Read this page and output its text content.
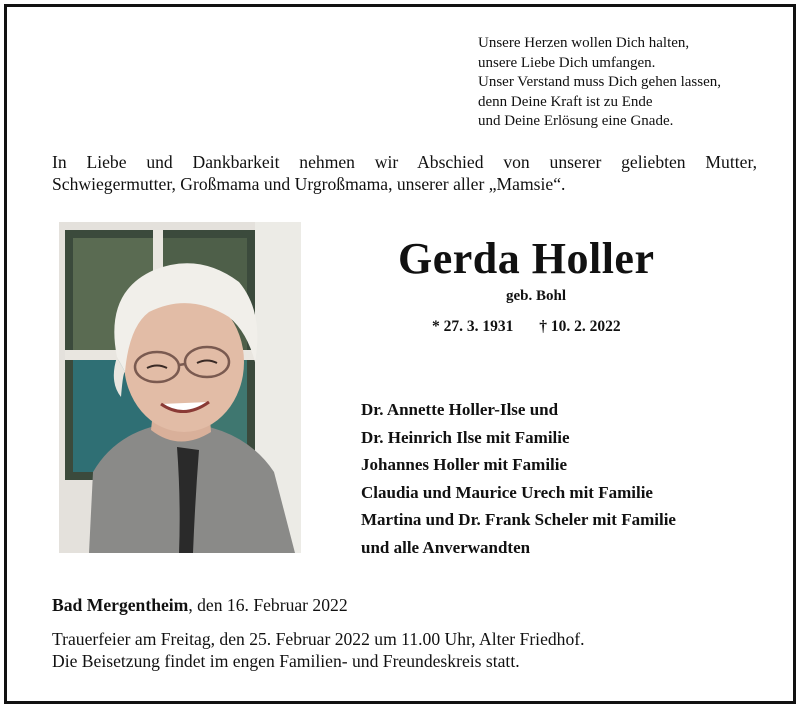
Unsere Herzen wollen Dich halten,
unsere Liebe Dich umfangen.
Unser Verstand muss Dich gehen lassen,
denn Deine Kraft ist zu Ende
und Deine Erlösung eine Gnade.
In Liebe und Dankbarkeit nehmen wir Abschied von unserer geliebten Mutter,
Schwiegermutter, Großmama und Urgroßmama, unserer aller „Mamsie“.
Gerda Holler
geb. Bohl
* 27. 3. 1931 † 10. 2. 2022
Dr. Annette Holler-Ilse und
Dr. Heinrich Ilse mit Familie
Johannes Holler mit Familie
Claudia und Maurice Urech mit Familie
Martina und Dr. Frank Scheler mit Familie
und alle Anverwandten
Bad Mergentheim, den 16. Februar 2022
Trauerfeier am Freitag, den 25. Februar 2022 um 11.00 Uhr, Alter Friedhof.
Die Beisetzung findet im engen Familien- und Freundeskreis statt.
